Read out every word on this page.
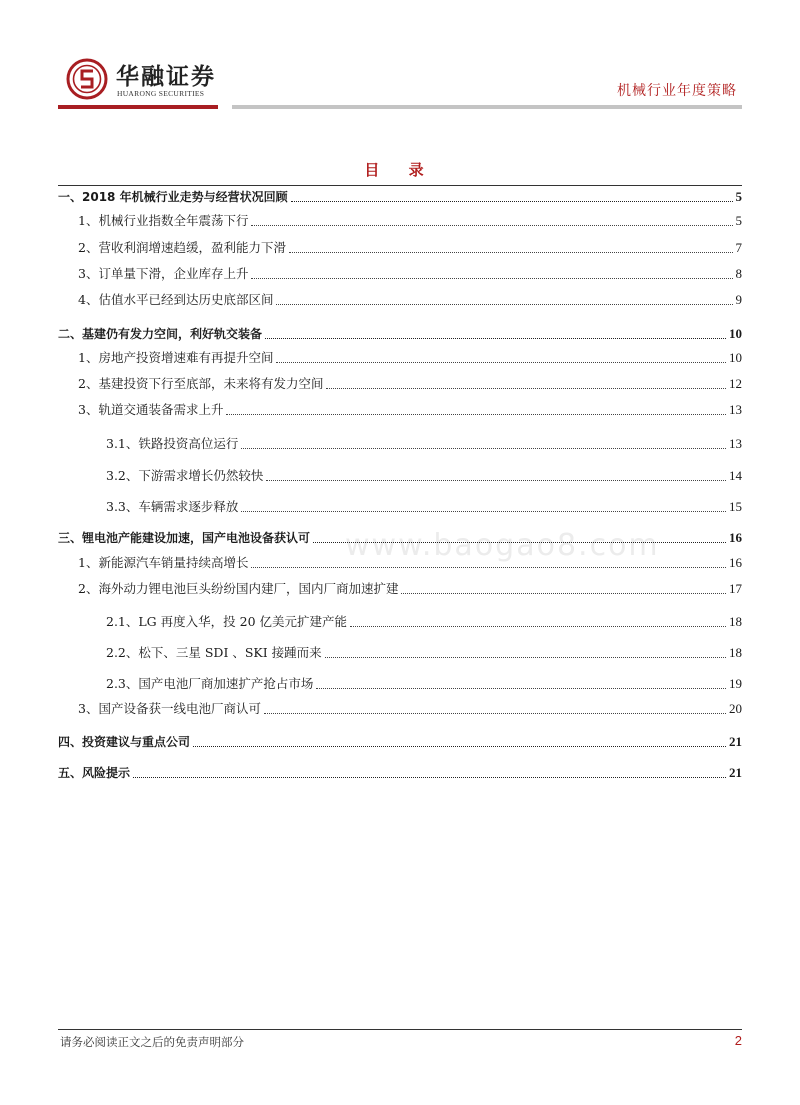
华融证券
HUARONG SECURITIES	机械行业年度策略
目 录
www.baogao8.com
一、2018 年机械行业走势与经营状况回顾	5
1、机械行业指数全年震荡下行	5
2、营收利润增速趋缓，盈利能力下滑	7
3、订单量下滑，企业库存上升	8
4、估值水平已经到达历史底部区间	9
二、基建仍有发力空间，利好轨交装备	10
1、房地产投资增速难有再提升空间	10
2、基建投资下行至底部，未来将有发力空间	12
3、轨道交通装备需求上升	13
3.1、铁路投资高位运行	13
3.2、下游需求增长仍然较快	14
3.3、车辆需求逐步释放	15
三、锂电池产能建设加速，国产电池设备获认可	16
1、新能源汽车销量持续高增长	16
2、海外动力锂电池巨头纷纷国内建厂，国内厂商加速扩建	17
2.1、LG 再度入华，投 20 亿美元扩建产能	18
2.2、松下、三星 SDI 、SKI 接踵而来	18
2.3、国产电池厂商加速扩产抢占市场	19
3、国产设备获一线电池厂商认可	20
四、投资建议与重点公司	21
五、风险提示	21
请务必阅读正文之后的免责声明部分	2
